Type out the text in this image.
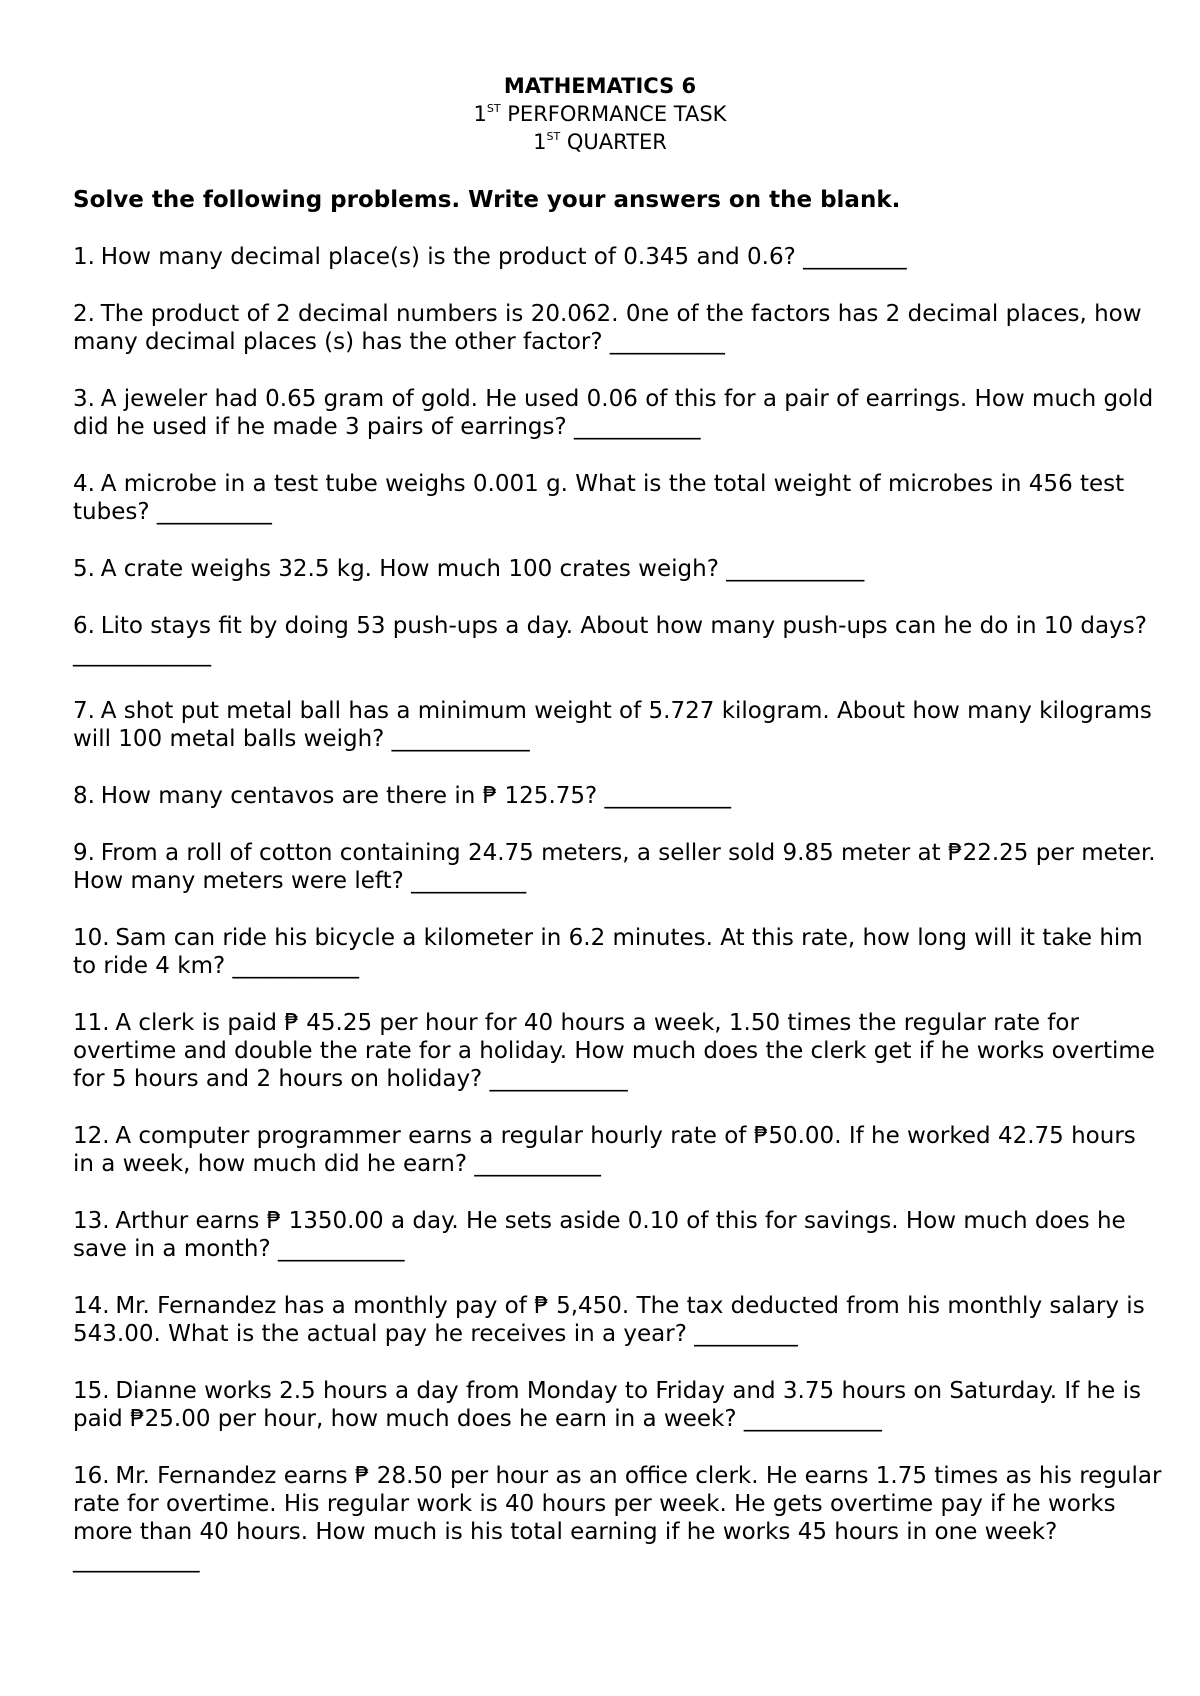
MATHEMATICS 6

1ST PERFORMANCE TASK

1ST QUARTER

Solve the following problems. Write your answers on the blank.

1. How many decimal place(s) is the product of 0.345 and 0.6? _________
2. The product of 2 decimal numbers is 20.062. 0ne of the factors has 2 decimal places, how many decimal places (s) has the other factor? __________
3. A jeweler had 0.65 gram of gold. He used 0.06 of this for a pair of earrings. How much gold did he used if he made 3 pairs of earrings? ___________
4. A microbe in a test tube weighs 0.001 g. What is the total weight of microbes in 456 test tubes? __________
5. A crate weighs 32.5 kg. How much 100 crates weigh? ____________
6. Lito stays fit by doing 53 push-ups a day. About how many push-ups can he do in 10 days? ____________
7. A shot put metal ball has a minimum weight of 5.727 kilogram. About how many kilograms will 100 metal balls weigh? ____________
8. How many centavos are there in ₱ 125.75? ___________
9. From a roll of cotton containing 24.75 meters, a seller sold 9.85 meter at ₱22.25 per meter. How many meters were left? __________
10. Sam can ride his bicycle a kilometer in 6.2 minutes. At this rate, how long will it take him to ride 4 km? ___________
11. A clerk is paid ₱ 45.25 per hour for 40 hours a week, 1.50 times the regular rate for overtime and double the rate for a holiday. How much does the clerk get if he works overtime for 5 hours and 2 hours on holiday? ____________
12. A computer programmer earns a regular hourly rate of ₱50.00. If he worked 42.75 hours in a week, how much did he earn? ___________
13. Arthur earns ₱ 1350.00 a day. He sets aside 0.10 of this for savings. How much does he save in a month? ___________
14. Mr. Fernandez has a monthly pay of ₱ 5,450. The tax deducted from his monthly salary is 543.00. What is the actual pay he receives in a year? _________
15. Dianne works 2.5 hours a day from Monday to Friday and 3.75 hours on Saturday. If he is paid ₱25.00 per hour, how much does he earn in a week? ____________
16. Mr. Fernandez earns ₱ 28.50 per hour as an office clerk. He earns 1.75 times as his regular rate for overtime. His regular work is 40 hours per week. He gets overtime pay if he works more than 40 hours. How much is his total earning if he works 45 hours in one week? ___________
